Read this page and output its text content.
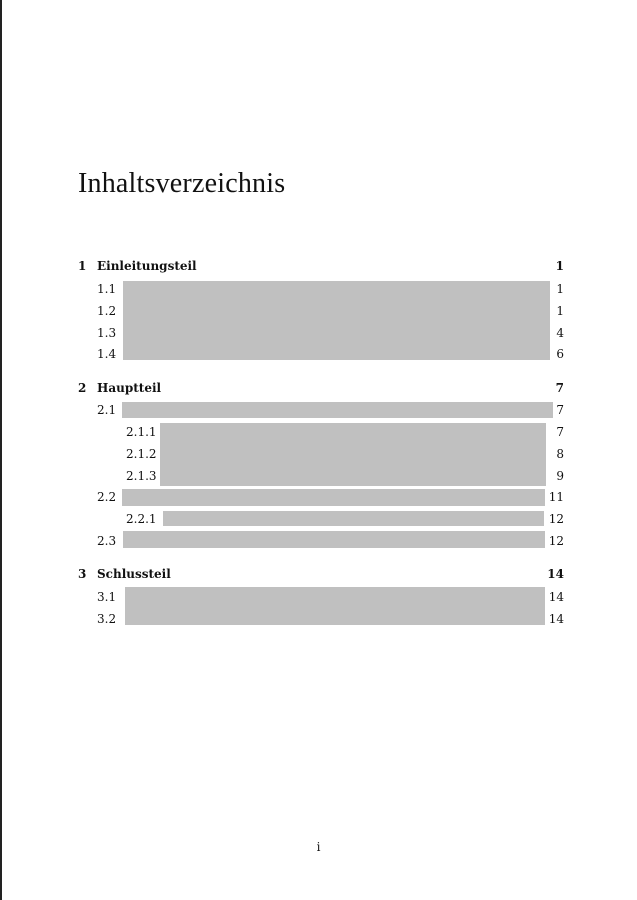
Inhaltsverzeichnis
1 Einleitungsteil	1
1.1	1
1.2	1
1.3	4
1.4	6
2 Hauptteil	7
2.1	7
2.1.1	7
2.1.2	8
2.1.3	9
2.2	11
2.2.1	12
2.3	12
3 Schlussteil	14
3.1	14
3.2	14
i
